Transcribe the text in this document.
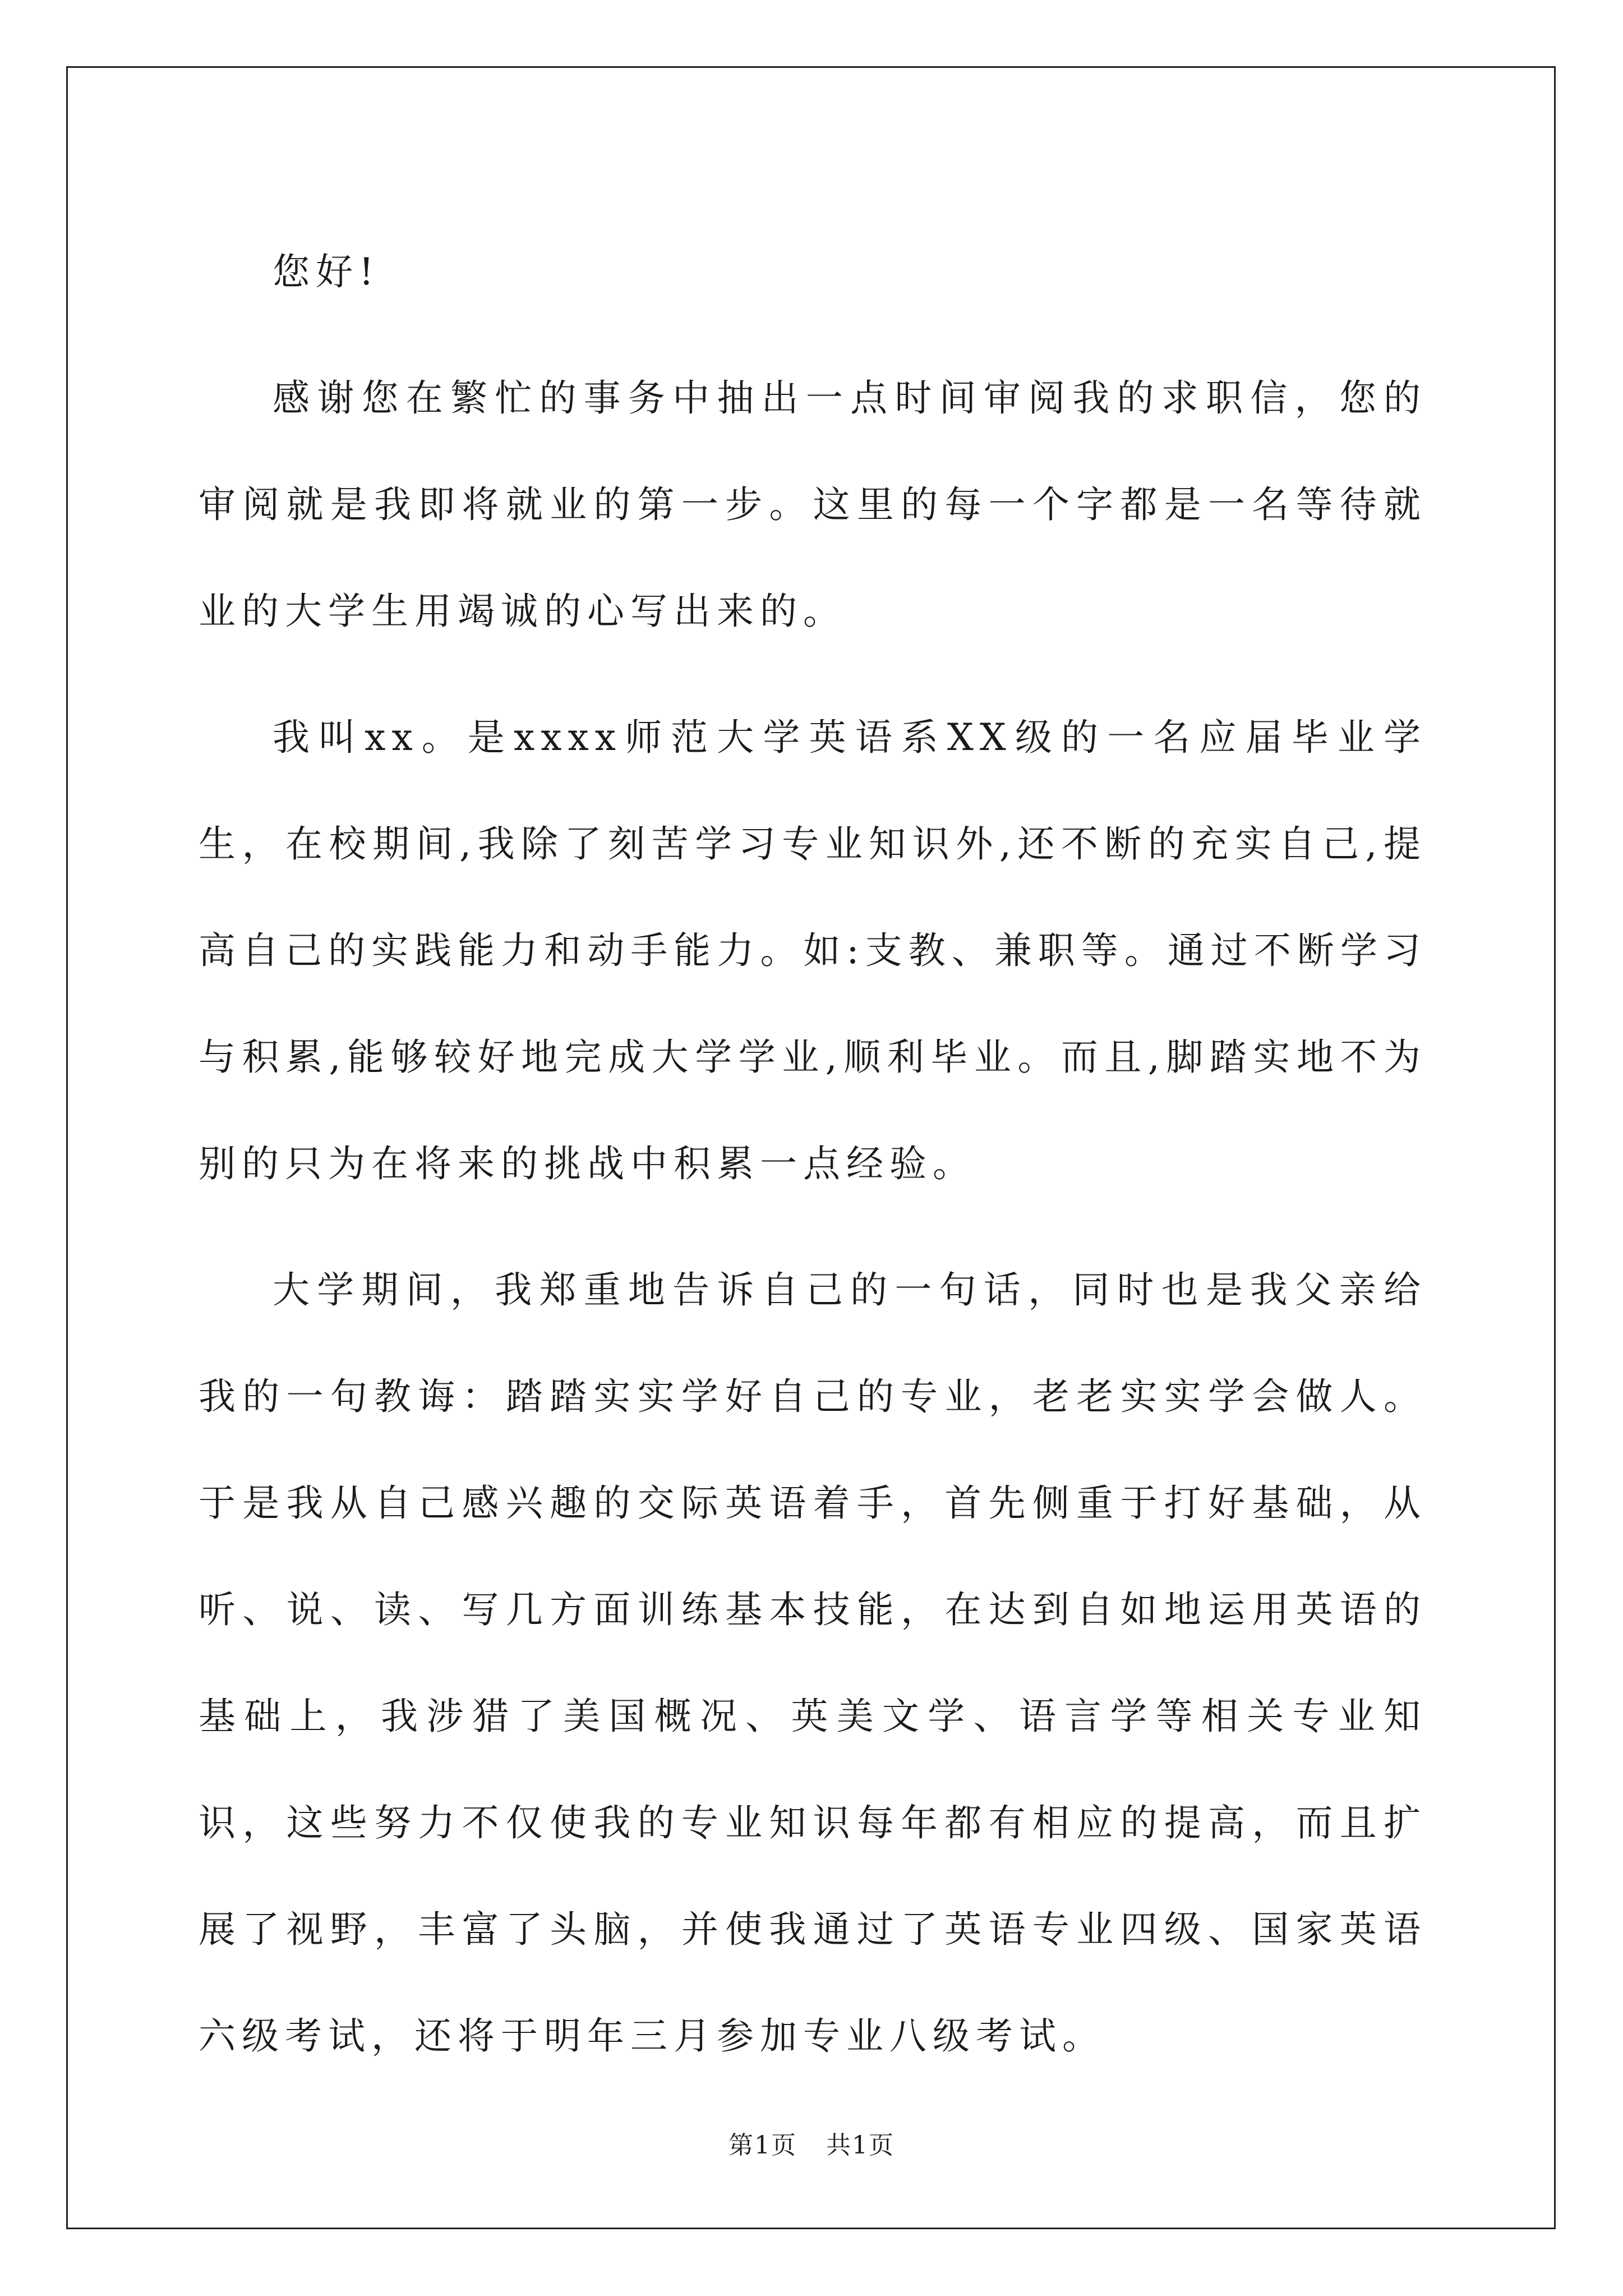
您好!

感谢您在繁忙的事务中抽出一点时间审阅我的求职信，您的审阅就是我即将就业的第一步。这里的每一个字都是一名等待就业的大学生用竭诚的心写出来的。

我叫xx。是xxxx师范大学英语系XX级的一名应届毕业学生，在校期间,我除了刻苦学习专业知识外,还不断的充实自己,提高自己的实践能力和动手能力。如:支教、兼职等。通过不断学习与积累,能够较好地完成大学学业,顺利毕业。而且,脚踏实地不为别的只为在将来的挑战中积累一点经验。

大学期间，我郑重地告诉自己的一句话，同时也是我父亲给我的一句教诲：踏踏实实学好自己的专业，老老实实学会做人。于是我从自己感兴趣的交际英语着手，首先侧重于打好基础，从听、说、读、写几方面训练基本技能，在达到自如地运用英语的基础上，我涉猎了美国概况、英美文学、语言学等相关专业知识，这些努力不仅使我的专业知识每年都有相应的提高，而且扩展了视野，丰富了头脑，并使我通过了英语专业四级、国家英语六级考试，还将于明年三月参加专业八级考试。

第1页 共1页
